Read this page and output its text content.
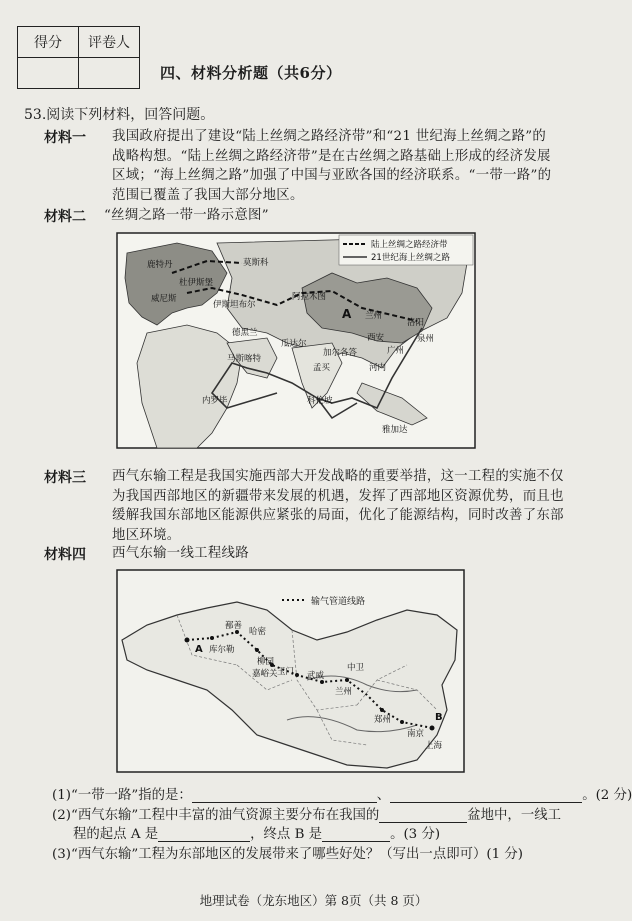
得分	评卷人

四、材料分析题（共6分）
53.阅读下列材料，回答问题。
材料一 我国政府提出了建设“陆上丝绸之路经济带”和“21 世纪海上丝绸之路”的
战略构想。“陆上丝绸之路经济带”是在古丝绸之路基础上形成的经济发展
区域；“海上丝绸之路”加强了中国与亚欧各国的经济联系。“一带一路”的
范围已覆盖了我国大部分地区。
材料二 “丝绸之路一带一路示意图”
陆上丝绸之路经济带
21世纪海上丝绸之路
鹿特丹	莫斯科
杜伊斯堡
威尼斯
伊斯坦布尔
阿拉木图
德黑兰
马斯喀特
瓜达尔
加尔各答
科伦坡
孟买	河内
雅加达
内罗毕
兰州
洛阳
西安
广州
泉州
A
材料三 西气东输工程是我国实施西部大开发战略的重要举措，这一工程的实施不仅
为我国西部地区的新疆带来发展的机遇，发挥了西部地区资源优势，而且也
缓解我国东部地区能源供应紧张的局面，优化了能源结构，同时改善了东部
地区环境。
材料四 西气东输一线工程线路
输气管道线路
鄯善
哈密
库尔勒
柳园
玉门
嘉峪关	武威
兰州
中卫
郑州
南京
上海
A
B
(1)“一带一路”指的是：	、	。(2 分)
(2)“西气东输”工程中丰富的油气资源主要分布在我国的	盆地中，一线工
程的起点 A 是	，终点 B 是	。(3 分)
(3)“西气东输”工程为东部地区的发展带来了哪些好处？（写出一点即可）(1 分)
地理试卷（龙东地区）第 8页（共 8 页）
